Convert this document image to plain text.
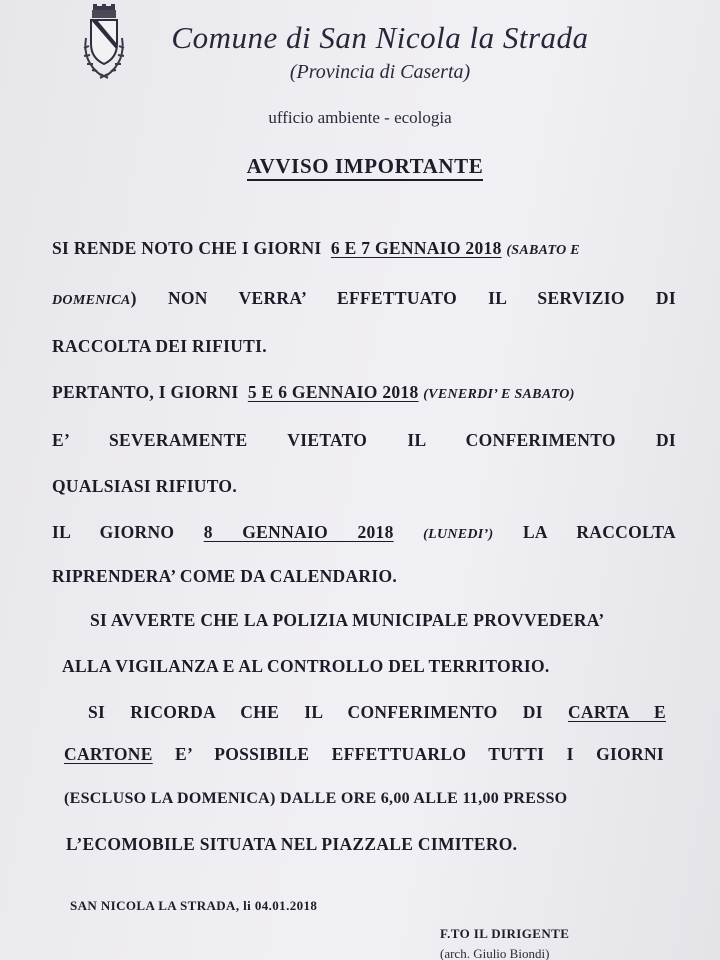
Comune di San Nicola la Strada
(Provincia di Caserta)
ufficio ambiente - ecologia
AVVISO IMPORTANTE
SI RENDE NOTO CHE I GIORNI 6 E 7 GENNAIO 2018 (SABATO E
DOMENICA) NON VERRA’ EFFETTUATO IL SERVIZIO DI
RACCOLTA DEI RIFIUTI.
PERTANTO, I GIORNI 5 E 6 GENNAIO 2018 (VENERDI’ E SABATO)
E’ SEVERAMENTE VIETATO IL CONFERIMENTO DI
QUALSIASI RIFIUTO.
IL GIORNO 8 GENNAIO 2018 (LUNEDI’) LA RACCOLTA
RIPRENDERA’ COME DA CALENDARIO.
SI AVVERTE CHE LA POLIZIA MUNICIPALE PROVVEDERA’
ALLA VIGILANZA E AL CONTROLLO DEL TERRITORIO.
SI RICORDA CHE IL CONFERIMENTO DI CARTA E
CARTONE E’ POSSIBILE EFFETTUARLO TUTTI I GIORNI
(ESCLUSO LA DOMENICA) DALLE ORE 6,00 ALLE 11,00 PRESSO
L’ECOMOBILE SITUATA NEL PIAZZALE CIMITERO.
SAN NICOLA LA STRADA, li 04.01.2018
F.TO IL DIRIGENTE
(arch. Giulio Biondi)
